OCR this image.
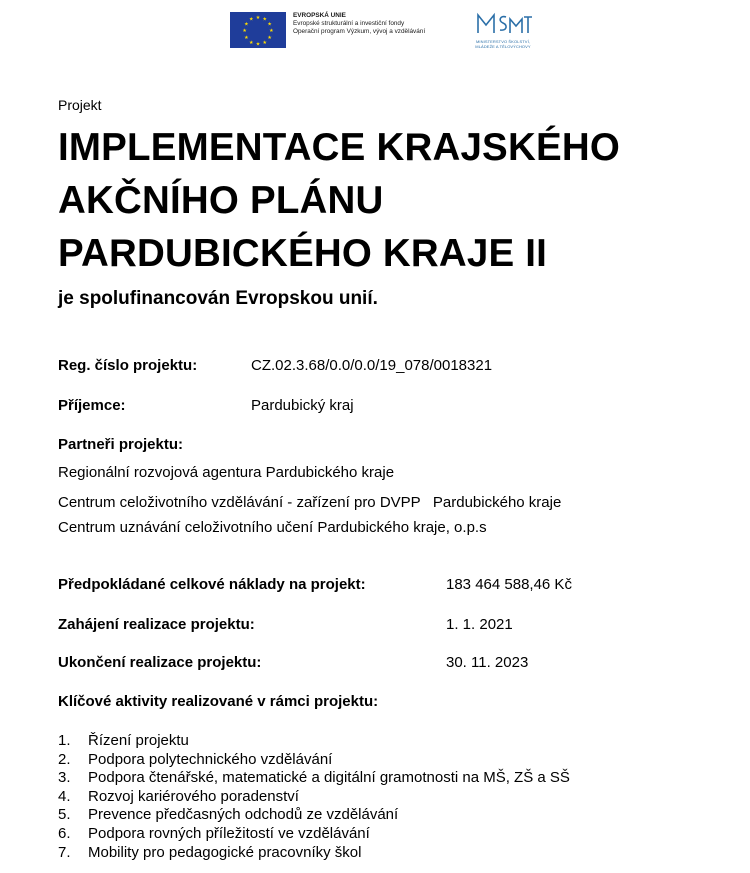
★ ★
★
★
★
★
★
★
★
★
★
★
EVROPSKÁ UNIE
Evropské strukturální a investiční fondy
Operační program Výzkum, vývoj a vzdělávání
MINISTERSTVO ŠKOLSTVÍ,
MLÁDEŽE A TĚLOVÝCHOVY
Projekt
IMPLEMENTACE KRAJSKÉHO
AKČNÍHO PLÁNU
PARDUBICKÉHO KRAJE II
je spolufinancován Evropskou unií.
Reg. číslo projektu:	CZ.02.3.68/0.0/0.0/19_078/0018321
Příjemce:	Pardubický kraj
Partneři projektu:
Regionální rozvojová agentura Pardubického kraje
Centrum celoživotního vzdělávání - zařízení pro DVPP   Pardubického kraje
Centrum uznávání celoživotního učení Pardubického kraje, o.p.s
Předpokládané celkové náklady na projekt:	183 464 588,46 Kč
Zahájení realizace projektu:	1. 1. 2021
Ukončení realizace projektu:	30. 11. 2023
Klíčové aktivity realizované v rámci projektu:
1.	Řízení projektu
2.	Podpora polytechnického vzdělávání
3.	Podpora čtenářské, matematické a digitální gramotnosti na MŠ, ZŠ a SŠ
4.	Rozvoj kariérového poradenství
5.	Prevence předčasných odchodů ze vzdělávání
6.	Podpora rovných příležitostí ve vzdělávání
7.	Mobility pro pedagogické pracovníky škol
